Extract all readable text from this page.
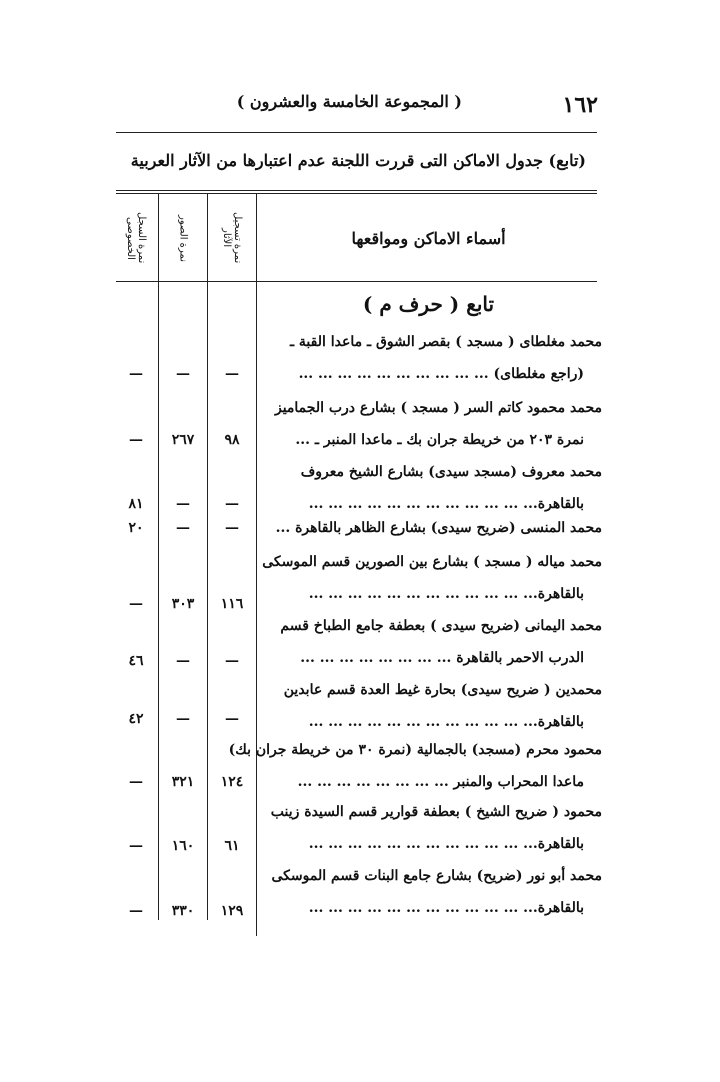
١٦٢
( المجموعة الخامسة والعشرون )
(تابع) جدول الاماكن التى قررت اللجنة عدم اعتبارها من الآثار العربية
أسماء الاماكن ومواقعها
نمرة تسجيل
الآثار
نمرة الصور
نمرة السجل
الخصوصى
تابع ( حرف م )
محمد مغلطاى ( مسجد ) بقصر الشوق ـ ماعدا القبة ـ
(راجع مغلطاى) ... ... ... ... ... ... ... ... ... ...
—
—
—
محمد محمود كاتم السر ( مسجد ) بشارع درب الجماميز
نمرة ٢٠٣ من خريطة جران بك ـ ماعدا المنبر ـ ...
٩٨
٢٦٧
—
محمد معروف (مسجد سيدى) بشارع الشيخ معروف
بالقاهرة... ... ... ... ... ... ... ... ... ... ... ...
—
—
٨١
محمد المنسى (ضريح سيدى) بشارع الظاهر بالقاهرة ...
—
—
٢٠
محمد مياله ( مسجد ) بشارع بين الصورين قسم الموسكى
بالقاهرة... ... ... ... ... ... ... ... ... ... ... ...
١١٦
٣٠٣
—
محمد اليمانى (ضريح سيدى ) بعطفة جامع الطباخ قسم
الدرب الاحمر بالقاهرة ... ... ... ... ... ... ... ...
—
—
٤٦
محمدين ( ضريح سيدى) بحارة غيط العدة قسم عابدين
بالقاهرة... ... ... ... ... ... ... ... ... ... ... ...
—
—
٤٢
محمود محرم (مسجد) بالجمالية (نمرة ٣٠ من خريطة جران بك)
ماعدا المحراب والمنبر ... ... ... ... ... ... ... ...
١٢٤
٣٢١
—
محمود ( ضريح الشيخ ) بعطفة قوارير قسم السيدة زينب
بالقاهرة... ... ... ... ... ... ... ... ... ... ... ...
٦١
١٦٠
—
محمد أبو نور (ضريح) بشارع جامع البنات قسم الموسكى
بالقاهرة... ... ... ... ... ... ... ... ... ... ... ...
١٢٩
٣٣٠
—
